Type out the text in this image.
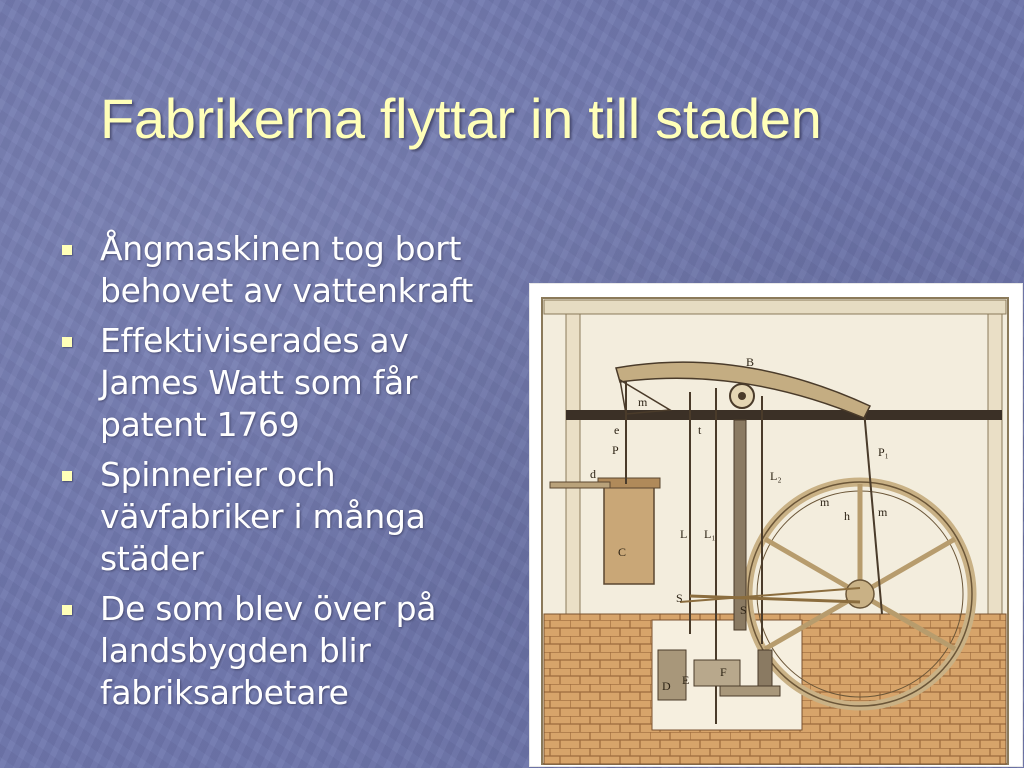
Fabrikerna flyttar in till staden
Ångmaskinen tog bort
behovet av vattenkraft
Effektiviserades av
James Watt som får
patent 1769
Spinnerier och
vävfabriker i många
städer
De som blev över på
landsbygden blir
fabriksarbetare
B
m
e	t
P	P₁
d
C
L L₁
L₂
m
h m
S
S
D E
F
